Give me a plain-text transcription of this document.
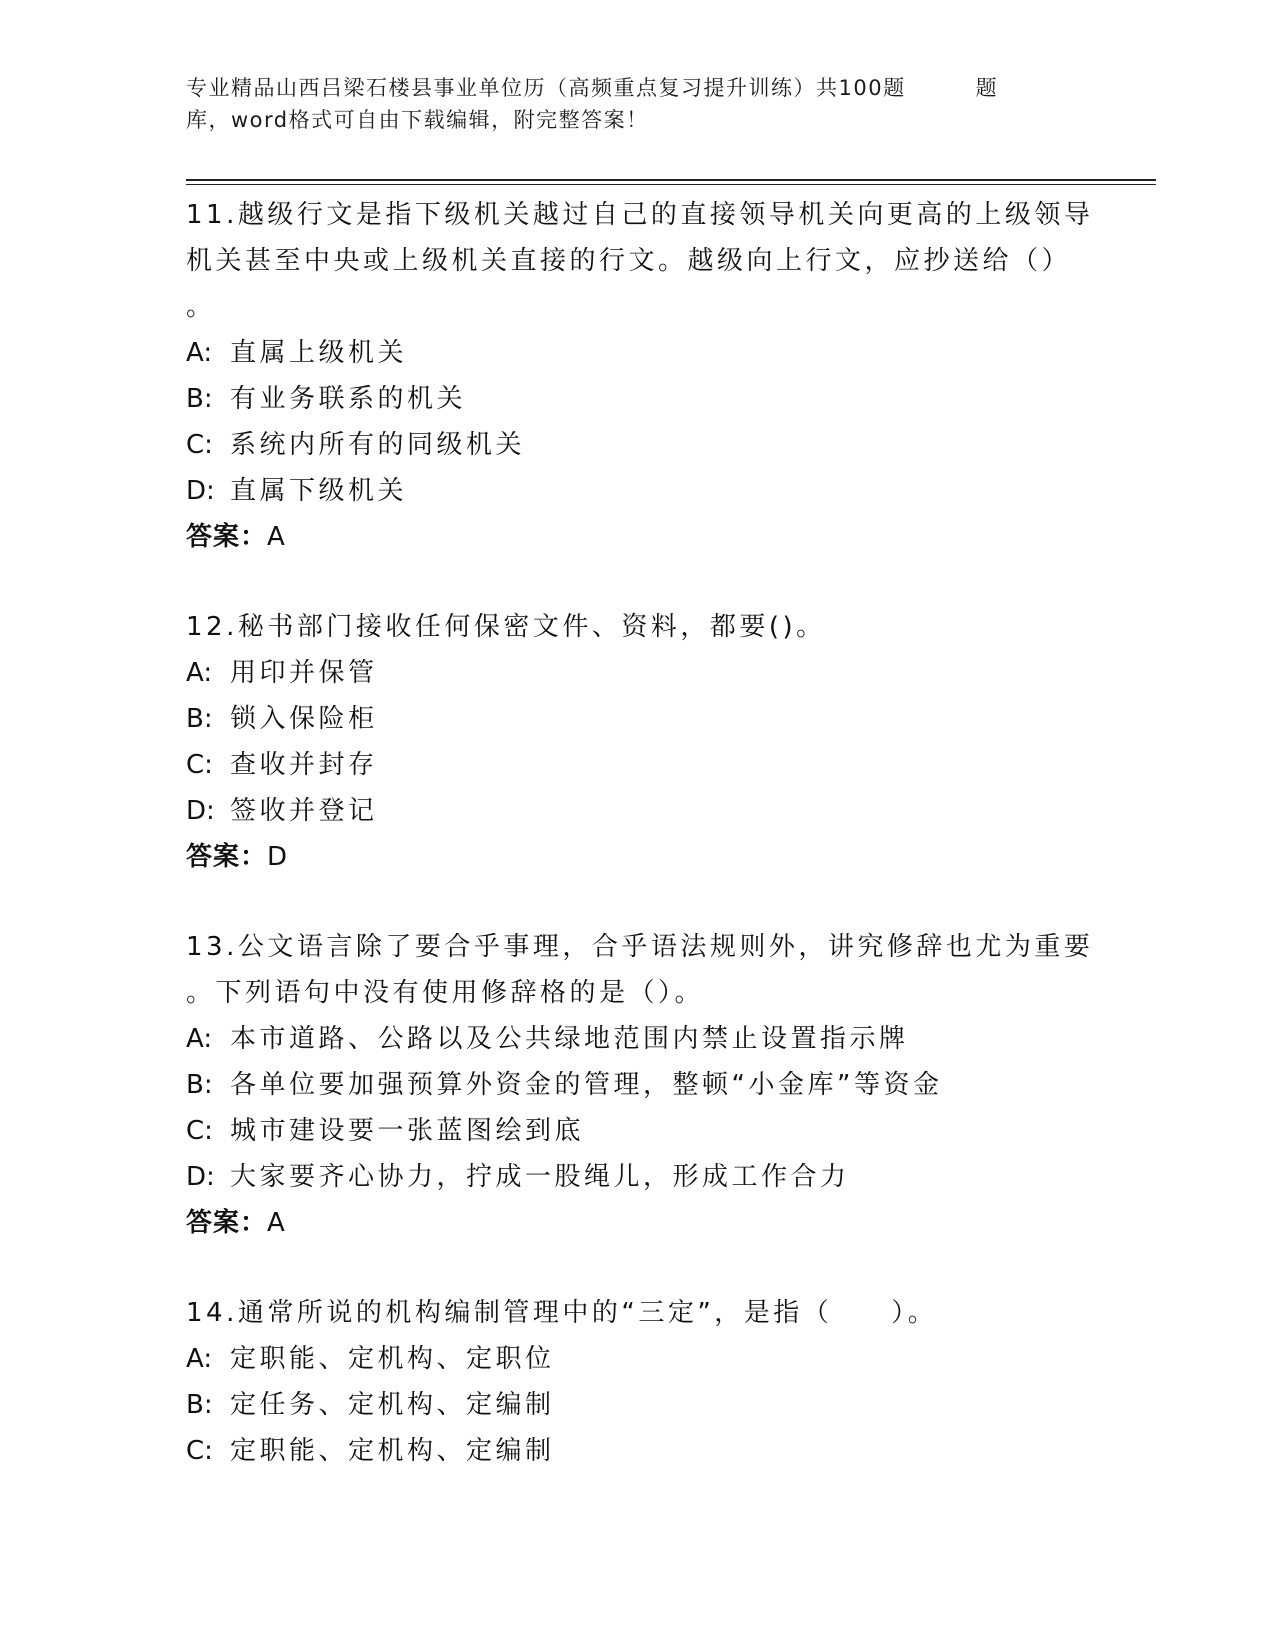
专业精品山西吕梁石楼县事业单位历（高频重点复习提升训练）共100题	题
库，word格式可自由下载编辑，附完整答案！

11.越级行文是指下级机关越过自己的直接领导机关向更高的上级领导

机关甚至中央或上级机关直接的行文。越级向上行文，应抄送给（）

。

A: 直属上级机关

B: 有业务联系的机关

C: 系统内所有的同级机关

D: 直属下级机关

答案：A

12.秘书部门接收任何保密文件、资料，都要()。

A: 用印并保管

B: 锁入保险柜

C: 查收并封存

D: 签收并登记

答案：D

13.公文语言除了要合乎事理，合乎语法规则外，讲究修辞也尤为重要

。下列语句中没有使用修辞格的是（）。

A: 本市道路、公路以及公共绿地范围内禁止设置指示牌

B: 各单位要加强预算外资金的管理，整顿“小金库”等资金

C: 城市建设要一张蓝图绘到底

D: 大家要齐心协力，拧成一股绳儿，形成工作合力

答案：A

14.通常所说的机构编制管理中的“三定”，是指（　　）。

A: 定职能、定机构、定职位

B: 定任务、定机构、定编制

C: 定职能、定机构、定编制
